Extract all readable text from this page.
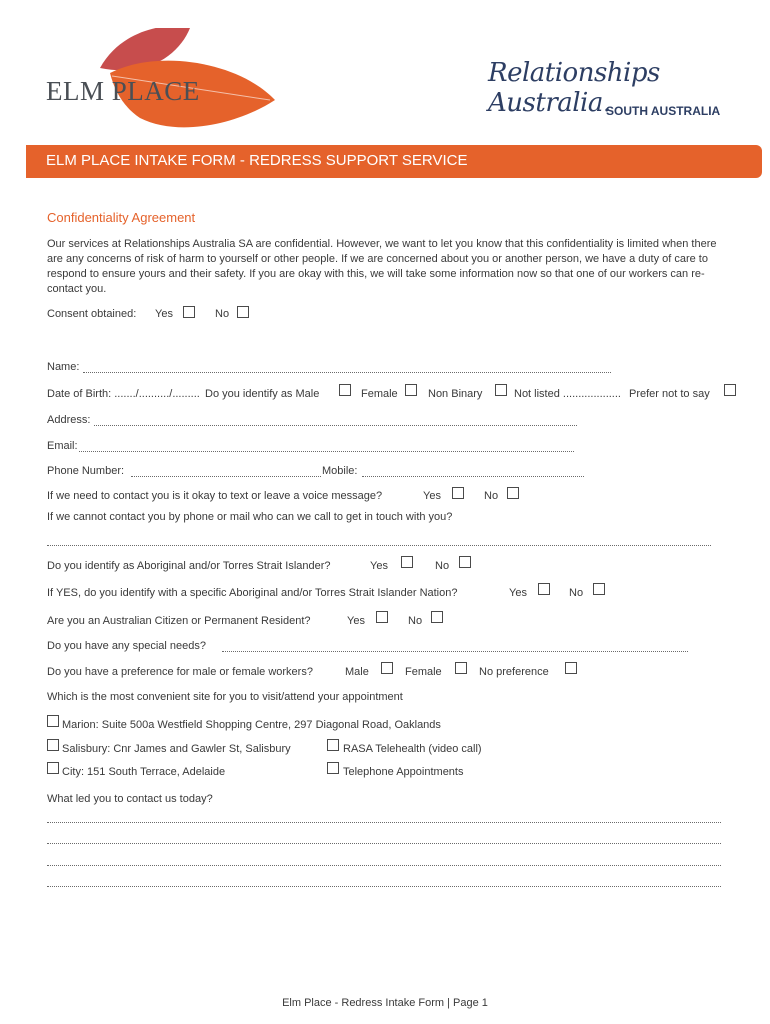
ELM PLACE
Relationships Australia.
SOUTH AUSTRALIA
ELM PLACE INTAKE FORM - REDRESS SUPPORT SERVICE
Confidentiality Agreement
Our services at Relationships Australia SA are confidential. However, we want to let you know that this confidentiality is limited when there are any concerns of risk of harm to yourself or other people. If we are concerned about you or another person, we have a duty of care to respond to ensure yours and their safety. If you are okay with this, we will take some information now so that one of our workers can re-contact you.
Consent obtained: Yes	No
Name:
Date of Birth: ......./........../......... Do you identify as Male	Female	Non Binary	Not listed ................... Prefer not to say
Address:
Email:
Phone Number:	Mobile:
If we need to contact you is it okay to text or leave a voice message?	Yes	No
If we cannot contact you by phone or mail who can we call to get in touch with you?
Do you identify as Aboriginal and/or Torres Strait Islander?	Yes	No
If YES, do you identify with a specific Aboriginal and/or Torres Strait Islander Nation?	Yes	No
Are you an Australian Citizen or Permanent Resident?	Yes	No
Do you have any special needs?
Do you have a preference for male or female workers?	Male	Female	No preference
Which is the most convenient site for you to visit/attend your appointment
Marion: Suite 500a Westfield Shopping Centre, 297 Diagonal Road, Oaklands
Salisbury: Cnr James and Gawler St, Salisbury	RASA Telehealth (video call)
City: 151 South Terrace, Adelaide	Telephone Appointments
What led you to contact us today?
Elm Place - Redress Intake Form | Page 1
